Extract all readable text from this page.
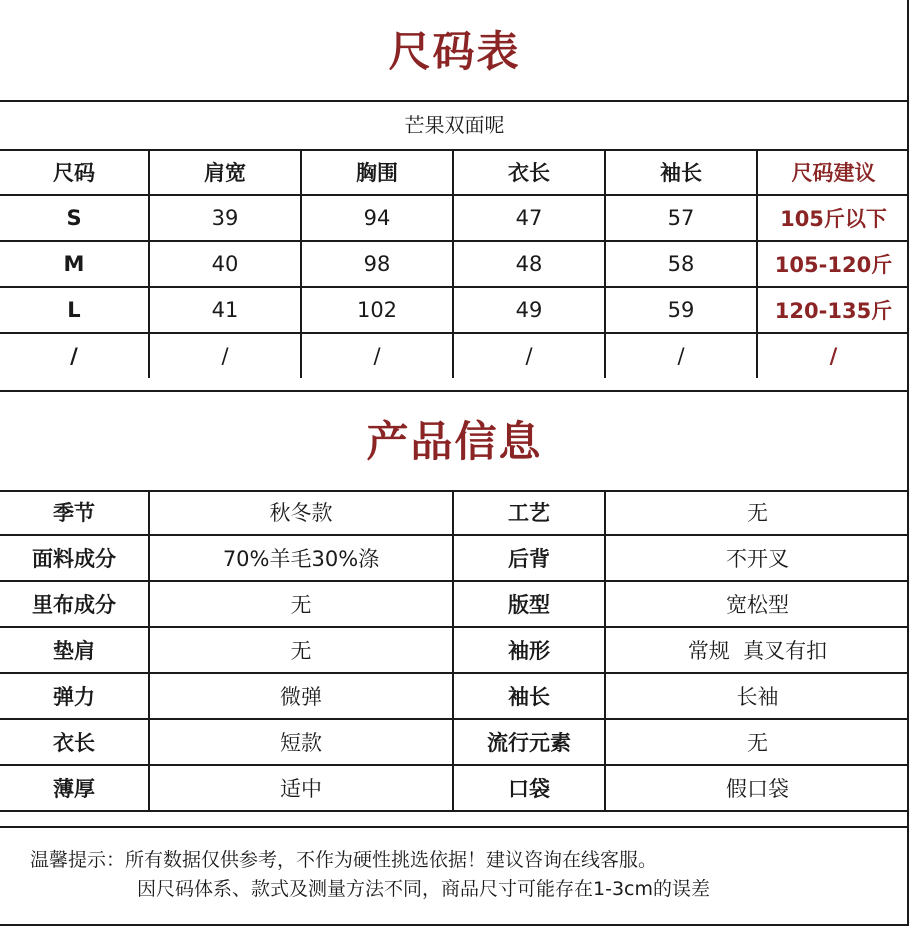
尺码表
芒果双面呢
尺码	肩宽	胸围	衣长	袖长	尺码建议
S	39	94	47	57	105斤以下
M	40	98	48	58	105-120斤
L	41	102	49	59	120-135斤
/	/	/	/	/	/
产品信息
季节	秋冬款	工艺	无
面料成分	70%羊毛30%涤	后背	不开叉
里布成分	无	版型	宽松型
垫肩	无	袖形	常规  真叉有扣
弹力	微弹	袖长	长袖
衣长	短款	流行元素	无
薄厚	适中	口袋	假口袋
温馨提示：所有数据仅供参考，不作为硬性挑选依据！建议咨询在线客服。
因尺码体系、款式及测量方法不同，商品尺寸可能存在1-3cm的误差
